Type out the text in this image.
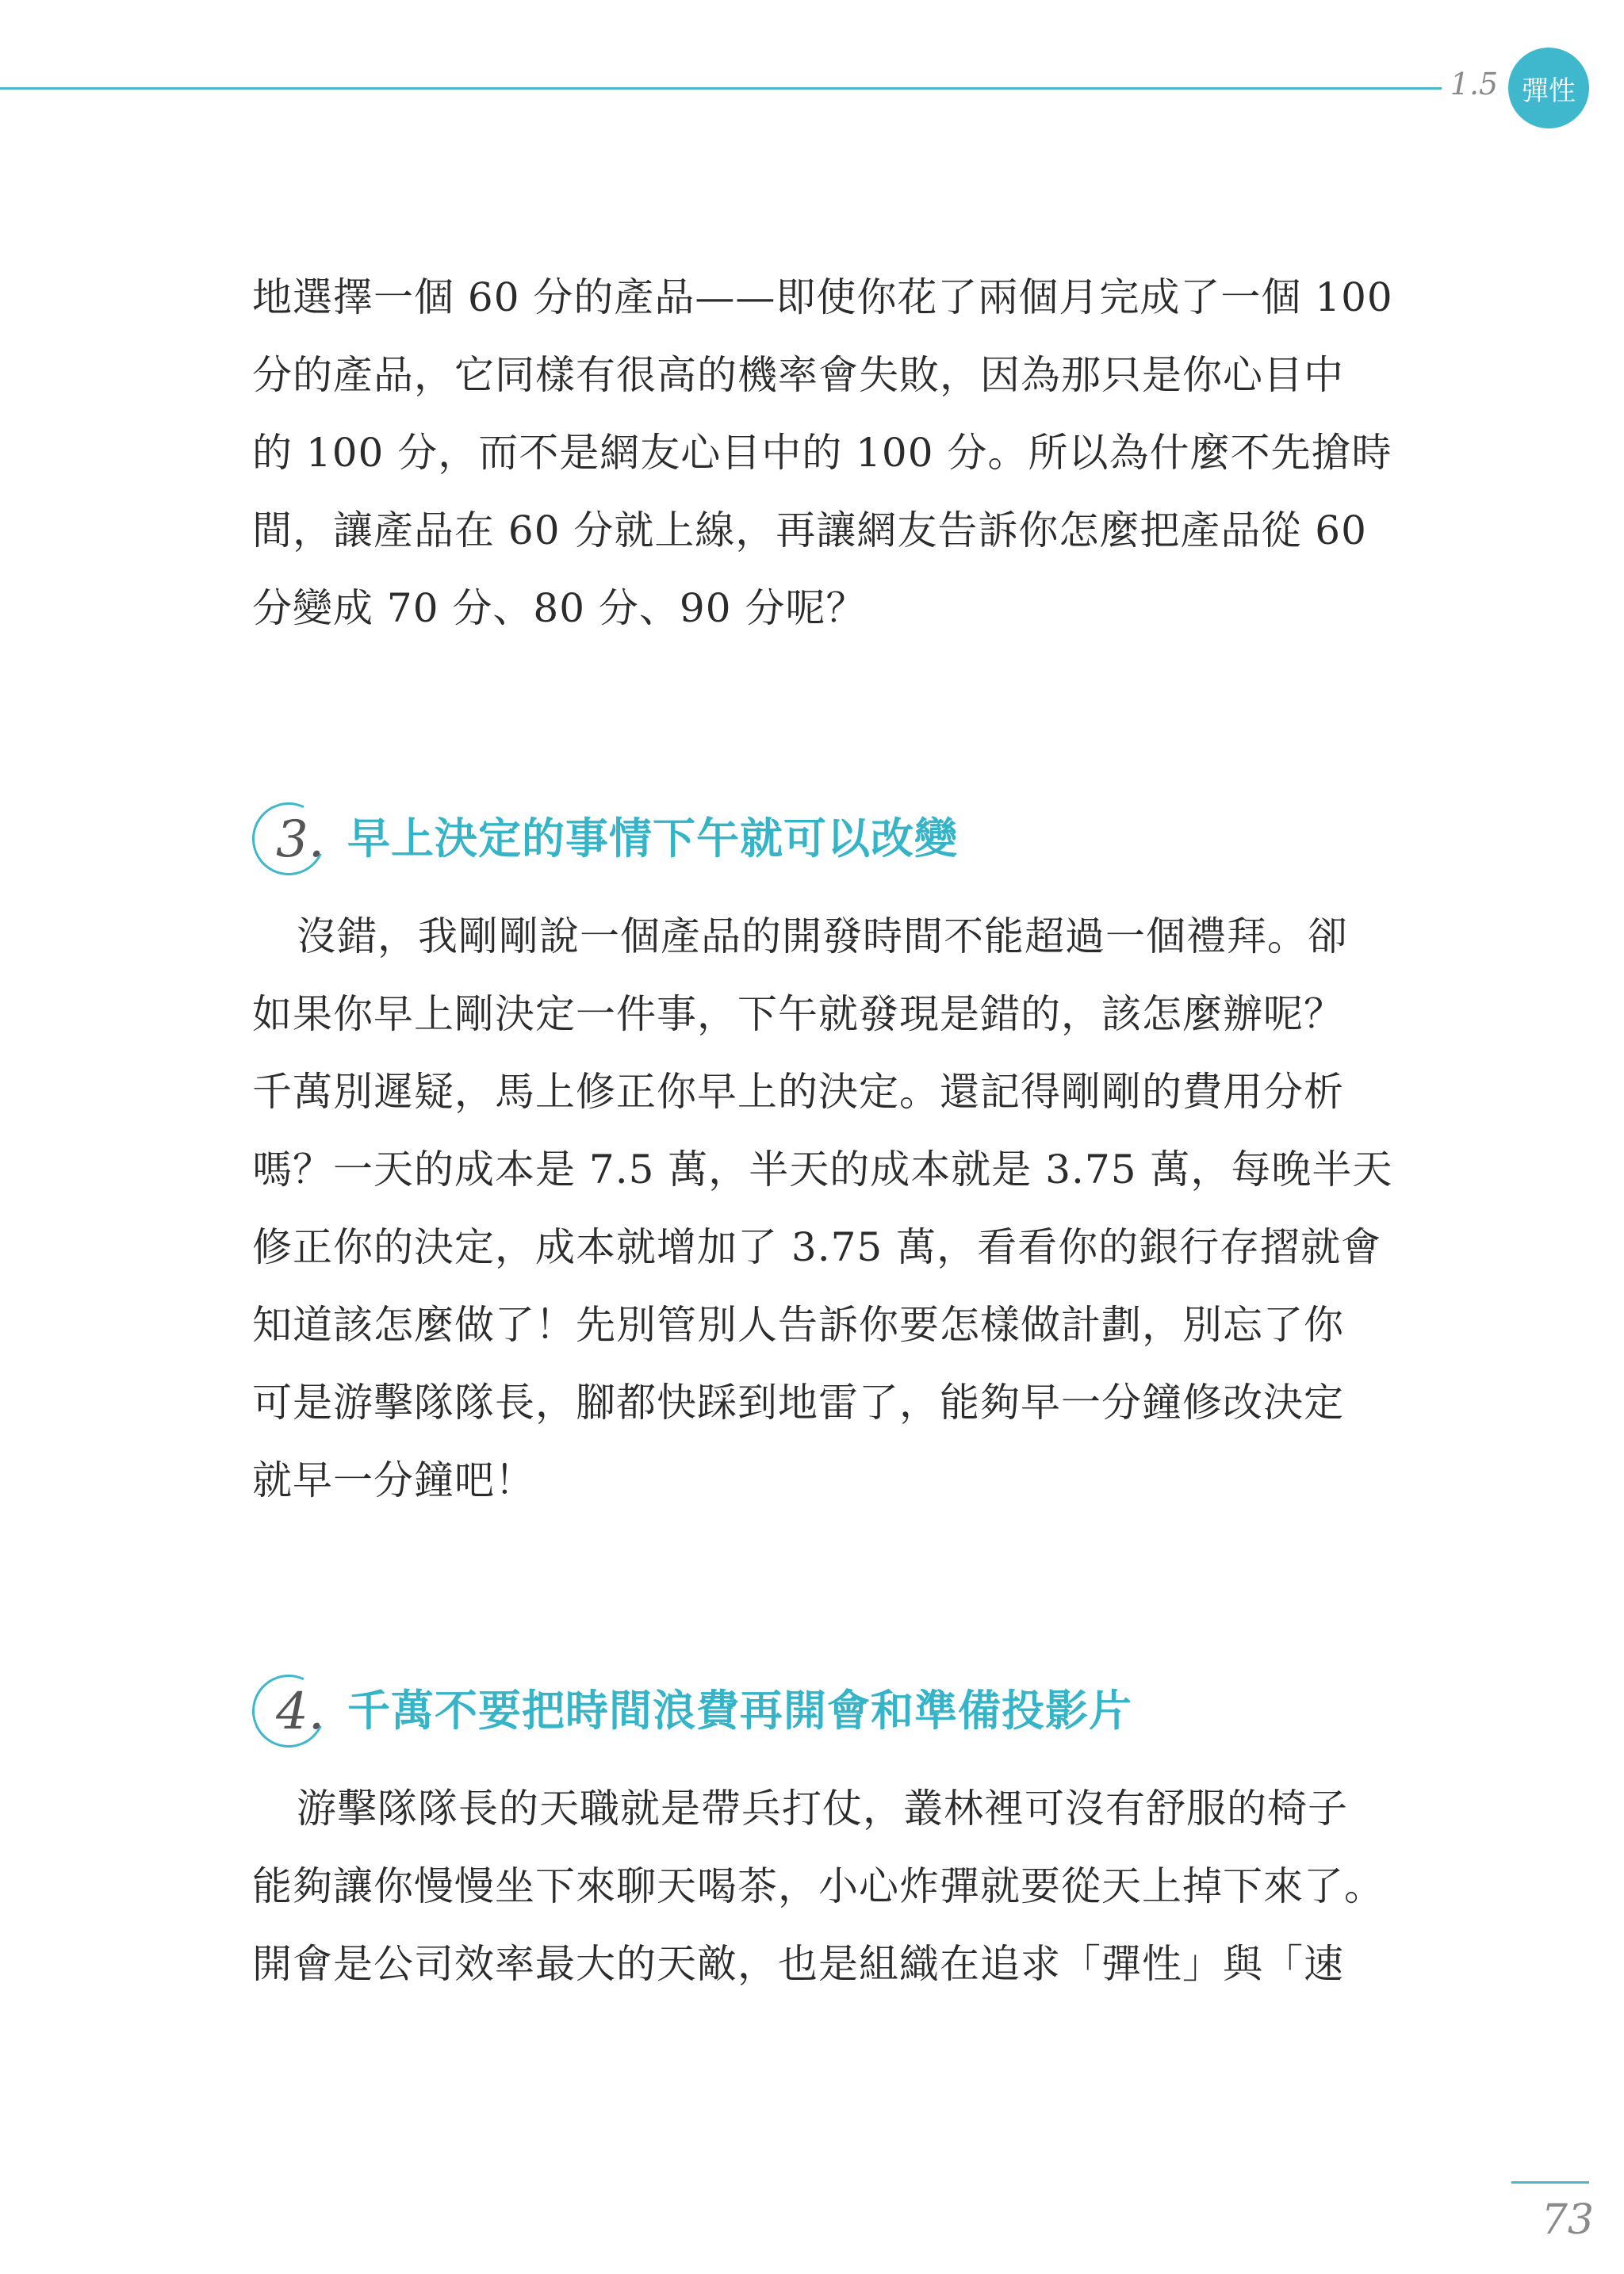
1.5 彈性

地選擇一個 60 分的產品——即使你花了兩個月完成了一個 100

分的產品，它同樣有很高的機率會失敗，因為那只是你心目中

的 100 分，而不是網友心目中的 100 分。所以為什麼不先搶時

間，讓產品在 60 分就上線，再讓網友告訴你怎麼把產品從 60

分變成 70 分、80 分、90 分呢？

3. 早上決定的事情下午就可以改變

沒錯，我剛剛說一個產品的開發時間不能超過一個禮拜。卻

如果你早上剛決定一件事，下午就發現是錯的，該怎麼辦呢？

千萬別遲疑，馬上修正你早上的決定。還記得剛剛的費用分析

嗎？一天的成本是 7.5 萬，半天的成本就是 3.75 萬，每晚半天

修正你的決定，成本就增加了 3.75 萬，看看你的銀行存摺就會

知道該怎麼做了！先別管別人告訴你要怎樣做計劃，別忘了你

可是游擊隊隊長，腳都快踩到地雷了，能夠早一分鐘修改決定

就早一分鐘吧！

4. 千萬不要把時間浪費再開會和準備投影片

游擊隊隊長的天職就是帶兵打仗，叢林裡可沒有舒服的椅子

能夠讓你慢慢坐下來聊天喝茶，小心炸彈就要從天上掉下來了。

開會是公司效率最大的天敵，也是組織在追求「彈性」與「速

73
